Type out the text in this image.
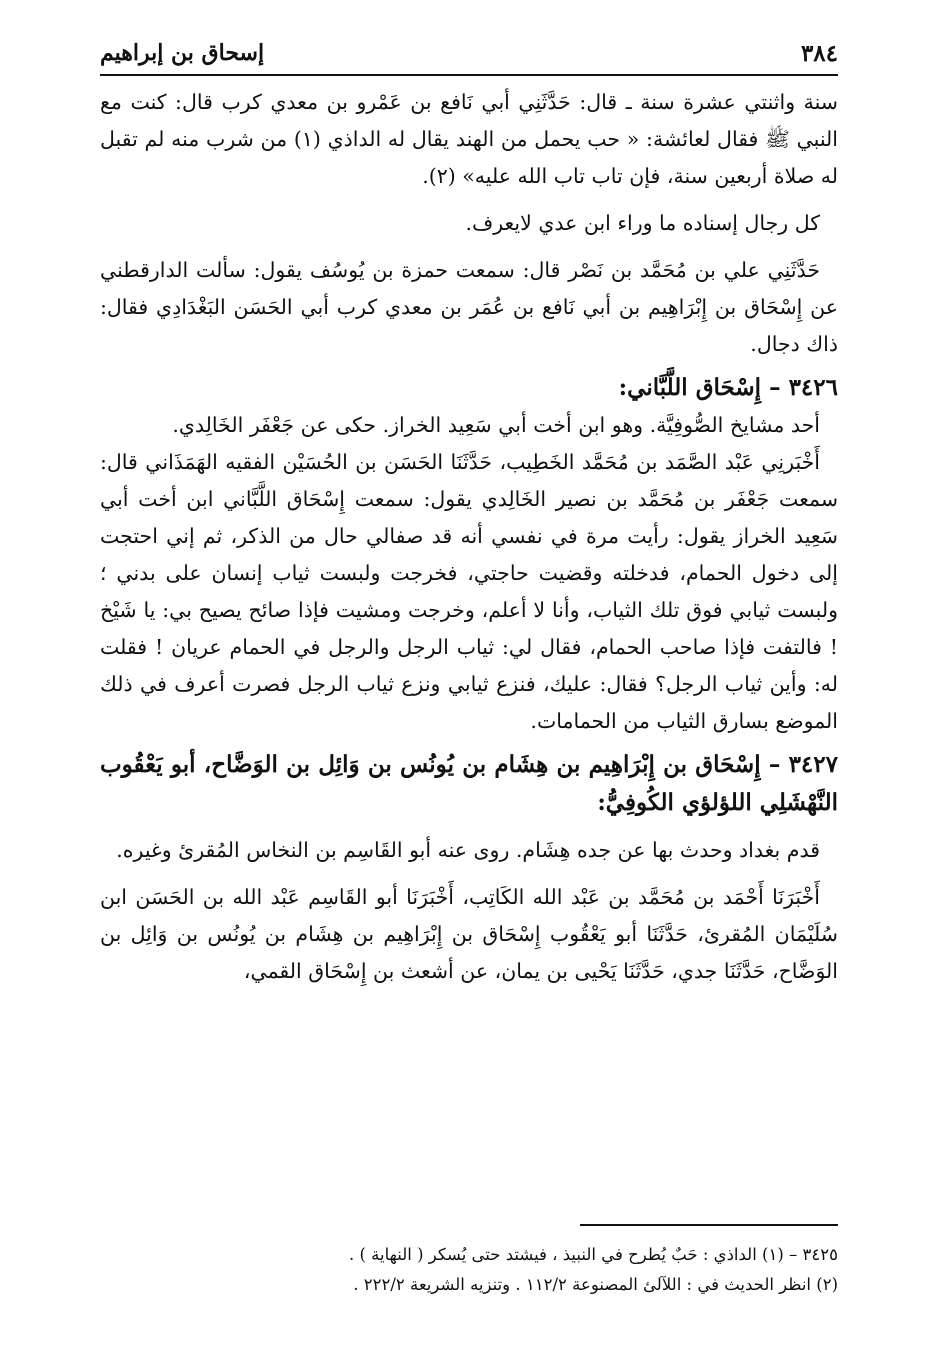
٣٨٤
إسحاق بن إبراهيم

سنة واثنتي عشرة سنة ـ قال: حَدَّثَنِي أبي نَافع بن عَمْرو بن معدي كرب قال: كنت مع النبي ﷺ فقال لعائشة: « حب يحمل من الهند يقال له الداذي (١) من شرب منه لم تقبل له صلاة أربعين سنة، فإن تاب تاب الله عليه» (٢).

كل رجال إسناده ما وراء ابن عدي لايعرف.

حَدَّثَنِي علي بن مُحَمَّد بن نَصْر قال: سمعت حمزة بن يُوسُف يقول: سألت الدارقطني عن إِسْحَاق بن إِبْرَاهِيم بن أبي نَافع بن عُمَر بن معدي كرب أبي الحَسَن البَغْدَادِي فقال: ذاك دجال.

٣٤٢٦ – إِسْحَاق اللَّبَّاني:

أحد مشايخ الصُّوفِيَّة. وهو ابن أخت أبي سَعِيد الخراز. حكى عن جَعْفَر الخَالِدي.

أَخْبَرنِي عَبْد الصَّمَد بن مُحَمَّد الخَطِيب، حَدَّثَنَا الحَسَن بن الحُسَيْن الفقيه الهَمَذَاني قال: سمعت جَعْفَر بن مُحَمَّد بن نصير الخَالِدي يقول: سمعت إِسْحَاق اللَّبَّاني ابن أخت أبي سَعِيد الخراز يقول: رأيت مرة في نفسي أنه قد صفالي حال من الذكر، ثم إني احتجت إلى دخول الحمام، فدخلته وقضيت حاجتي، فخرجت ولبست ثياب إنسان على بدني ؛ ولبست ثيابي فوق تلك الثياب، وأنا لا أعلم، وخرجت ومشيت فإذا صائح يصيح بي: يا شَيْخ ! فالتفت فإذا صاحب الحمام، فقال لي: ثياب الرجل والرجل في الحمام عريان ! فقلت له: وأين ثياب الرجل؟ فقال: عليك، فنزع ثيابي ونزع ثياب الرجل فصرت أعرف في ذلك الموضع بسارق الثياب من الحمامات.

٣٤٢٧ – إِسْحَاق بن إِبْرَاهِيم بن هِشَام بن يُونُس بن وَائِل بن الوَضَّاح، أبو يَعْقُوب النَّهْشَلِي اللؤلؤي الكُوفِيُّ:

قدم بغداد وحدث بها عن جده هِشَام. روى عنه أبو القَاسِم بن النخاس المُقرئ وغيره.

أَخْبَرَنَا أَحْمَد بن مُحَمَّد بن عَبْد الله الكَاتِب، أَخْبَرَنَا أبو القَاسِم عَبْد الله بن الحَسَن ابن سُلَيْمَان المُقرئ، حَدَّثَنَا أبو يَعْقُوب إِسْحَاق بن إِبْرَاهِيم بن هِشَام بن يُونُس بن وَائِل بن الوَضَّاح، حَدَّثَنَا جدي، حَدَّثَنَا يَحْيى بن يمان، عن أشعث بن إِسْحَاق القمي،

٣٤٢٥ – (١) الداذي : حَبٌ يُطرح في النبيذ ، فيشتد حتى يُسكر ( النهاية ) .

(٢) انظر الحديث في : اللآلئ المصنوعة ١١٢/٢ . وتنزيه الشريعة ٢٢٢/٢ .
